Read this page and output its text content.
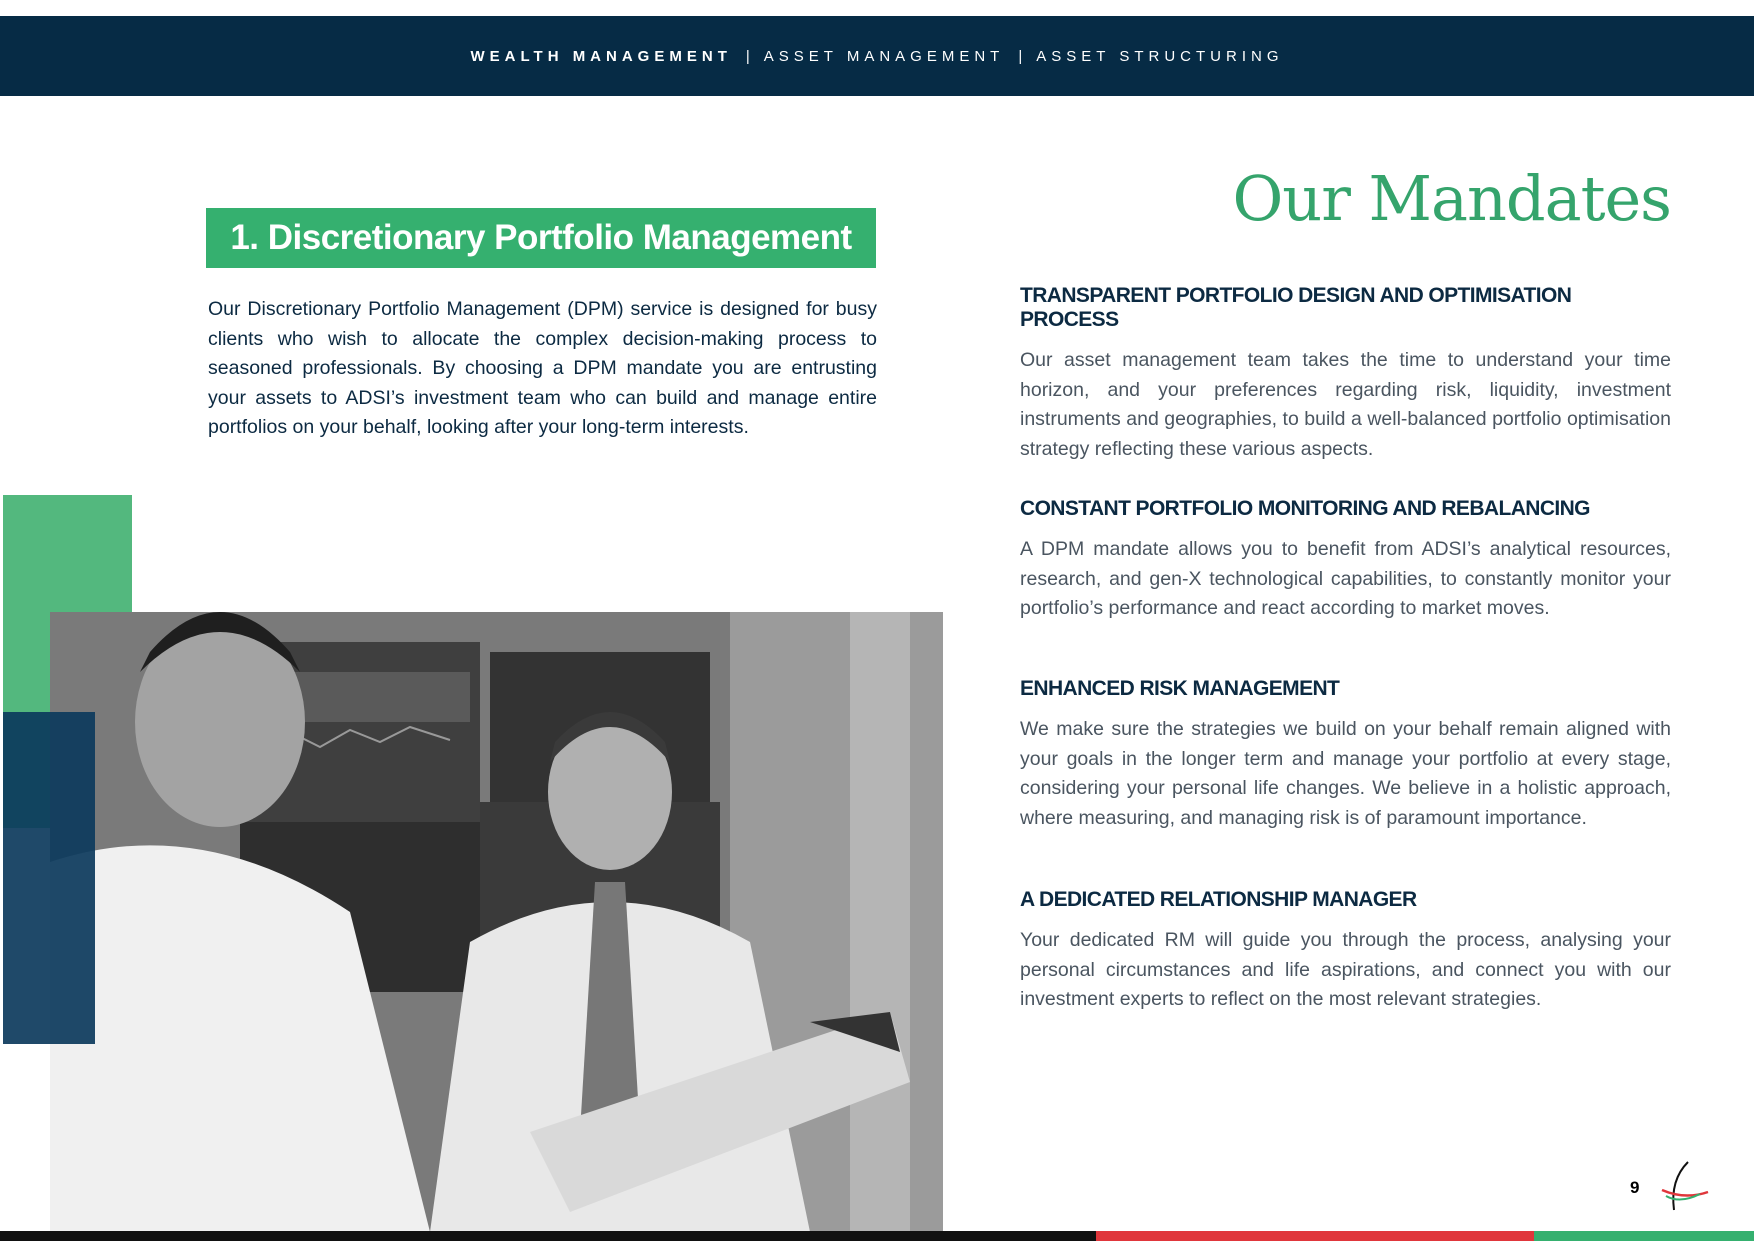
WEALTH MANAGEMENT | ASSET MANAGEMENT | ASSET STRUCTURING
1. Discretionary Portfolio Management
Our Discretionary Portfolio Management (DPM) service is designed for busy clients who wish to allocate the complex decision-making process to seasoned professionals. By choosing a DPM mandate you are entrusting your assets to ADSI’s investment team who can build and manage entire portfolios on your behalf, looking after your long-term interests.
Our Mandates
TRANSPARENT PORTFOLIO DESIGN AND OPTIMISATION PROCESS

Our asset management team takes the time to understand your time horizon, and your preferences regarding risk, liquidity, investment instruments and geographies, to build a well-balanced portfolio optimisation strategy reflecting these various aspects.

CONSTANT PORTFOLIO MONITORING AND REBALANCING

A DPM mandate allows you to benefit from ADSI’s analytical resources, research, and gen-X technological capabilities, to constantly monitor your portfolio’s performance and react according to market moves.

ENHANCED RISK MANAGEMENT

We make sure the strategies we build on your behalf remain aligned with your goals in the longer term and manage your portfolio at every stage, considering your personal life changes. We believe in a holistic approach, where measuring, and managing risk is of paramount importance.

A DEDICATED RELATIONSHIP MANAGER

Your dedicated RM will guide you through the process, analysing your personal circumstances and life aspirations, and connect you with our investment experts to reflect on the most relevant strategies.

9
